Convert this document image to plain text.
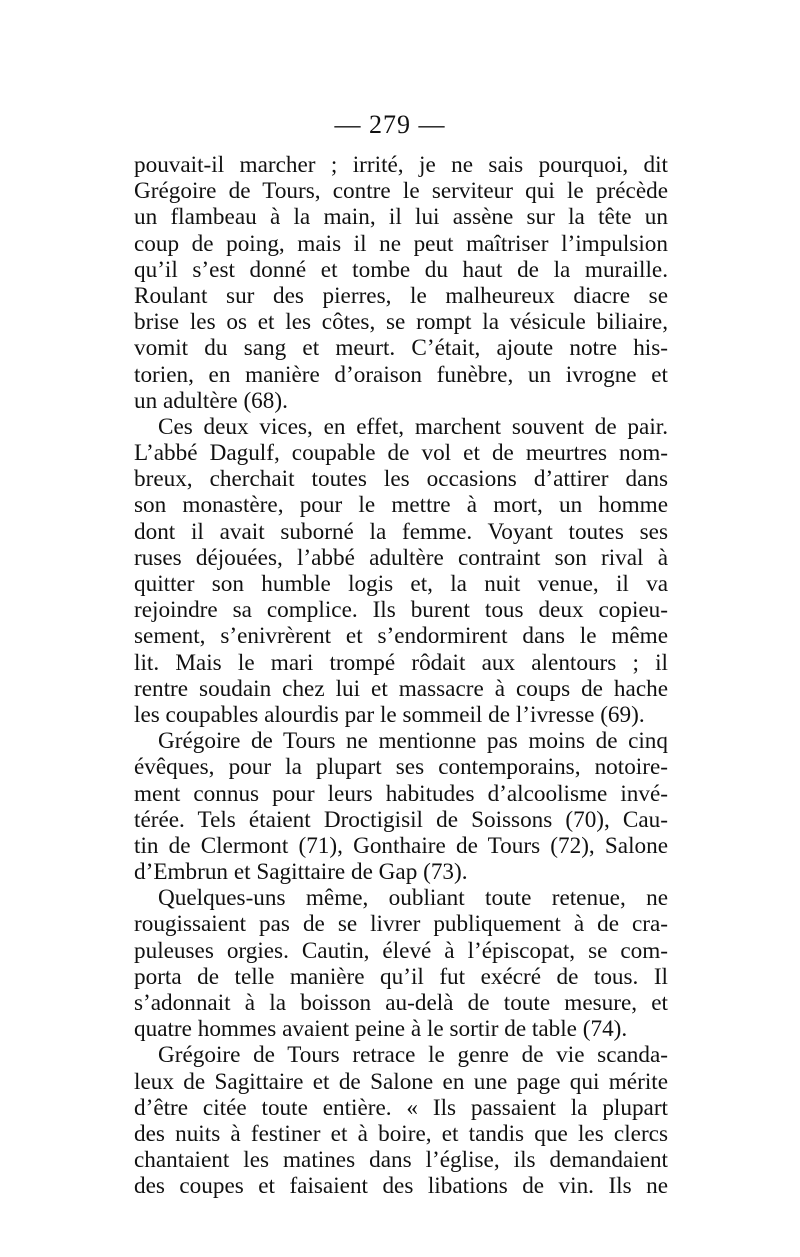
— 279 —
pouvait-il marcher ; irrité, je ne sais pourquoi, dit
Grégoire de Tours, contre le serviteur qui le précède
un flambeau à la main, il lui assène sur la tête un
coup de poing, mais il ne peut maîtriser l’impulsion
qu’il s’est donné et tombe du haut de la muraille.
Roulant sur des pierres, le malheureux diacre se
brise les os et les côtes, se rompt la vésicule biliaire,
vomit du sang et meurt. C’était, ajoute notre his-
torien, en manière d’oraison funèbre, un ivrogne et
un adultère (68).
Ces deux vices, en effet, marchent souvent de pair.
L’abbé Dagulf, coupable de vol et de meurtres nom-
breux, cherchait toutes les occasions d’attirer dans
son monastère, pour le mettre à mort, un homme
dont il avait suborné la femme. Voyant toutes ses
ruses déjouées, l’abbé adultère contraint son rival à
quitter son humble logis et, la nuit venue, il va
rejoindre sa complice. Ils burent tous deux copieu-
sement, s’enivrèrent et s’endormirent dans le même
lit. Mais le mari trompé rôdait aux alentours ; il
rentre soudain chez lui et massacre à coups de hache
les coupables alourdis par le sommeil de l’ivresse (69).
Grégoire de Tours ne mentionne pas moins de cinq
évêques, pour la plupart ses contemporains, notoire-
ment connus pour leurs habitudes d’alcoolisme invé-
térée. Tels étaient Droctigisil de Soissons (70), Cau-
tin de Clermont (71), Gonthaire de Tours (72), Salone
d’Embrun et Sagittaire de Gap (73).
Quelques-uns même, oubliant toute retenue, ne
rougissaient pas de se livrer publiquement à de cra-
puleuses orgies. Cautin, élevé à l’épiscopat, se com-
porta de telle manière qu’il fut exécré de tous. Il
s’adonnait à la boisson au-delà de toute mesure, et
quatre hommes avaient peine à le sortir de table (74).
Grégoire de Tours retrace le genre de vie scanda-
leux de Sagittaire et de Salone en une page qui mérite
d’être citée toute entière. « Ils passaient la plupart
des nuits à festiner et à boire, et tandis que les clercs
chantaient les matines dans l’église, ils demandaient
des coupes et faisaient des libations de vin. Ils ne
